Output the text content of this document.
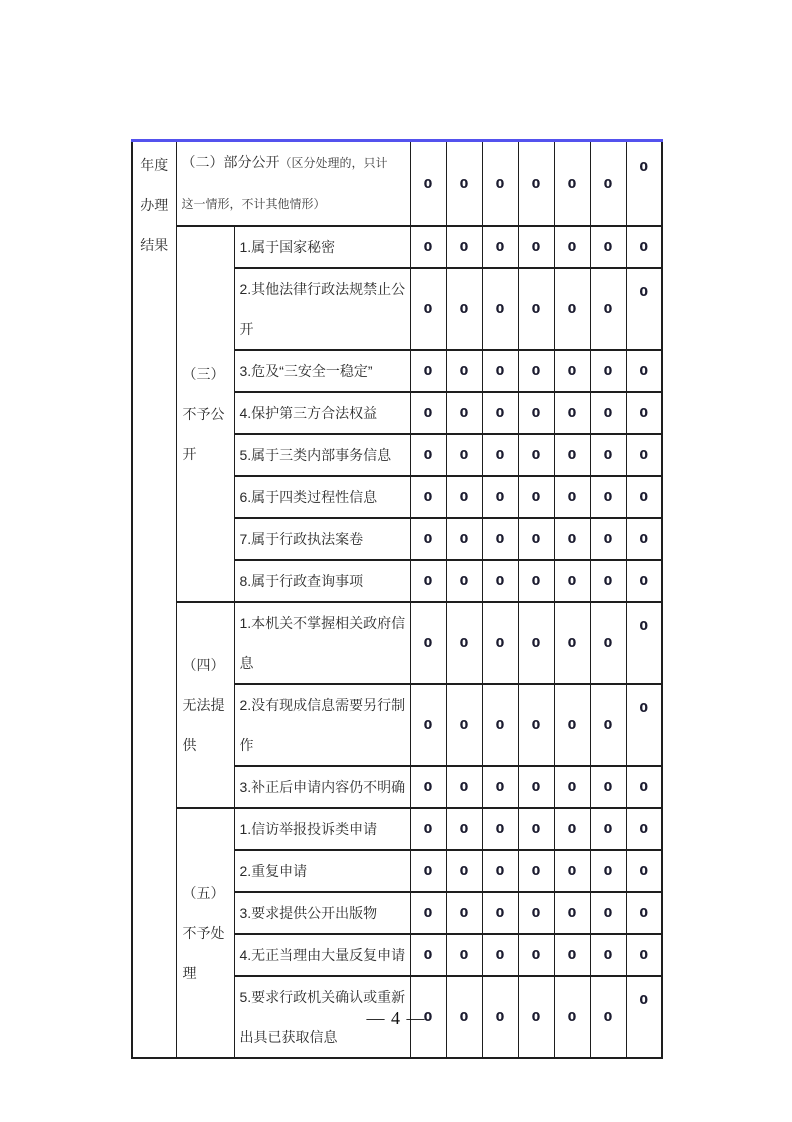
年度办理结果	（二）部分公开（区分处理的，只计这一情形，不计其他情形）		0	0	0	0	0	0	0

	（三）不予公开	1.属于国家秘密	0	0	0	0	0	0	0

		2.其他法律行政法规禁止公开	0	0	0	0	0	0	0

		3.危及“三安全一稳定”	0	0	0	0	0	0	0

		4.保护第三方合法权益	0	0	0	0	0	0	0

		5.属于三类内部事务信息	0	0	0	0	0	0	0

		6.属于四类过程性信息	0	0	0	0	0	0	0

		7.属于行政执法案卷	0	0	0	0	0	0	0

		8.属于行政查询事项	0	0	0	0	0	0	0

	（四）无法提供	1.本机关不掌握相关政府信息	0	0	0	0	0	0	0

		2.没有现成信息需要另行制作	0	0	0	0	0	0	0

		3.补正后申请内容仍不明确	0	0	0	0	0	0	0

	（五）不予处理	1.信访举报投诉类申请	0	0	0	0	0	0	0

		2.重复申请	0	0	0	0	0	0	0

		3.要求提供公开出版物	0	0	0	0	0	0	0

		4.无正当理由大量反复申请	0	0	0	0	0	0	0

		5.要求行政机关确认或重新出具已获取信息	0	0	0	0	0	0	0
— 4 —
